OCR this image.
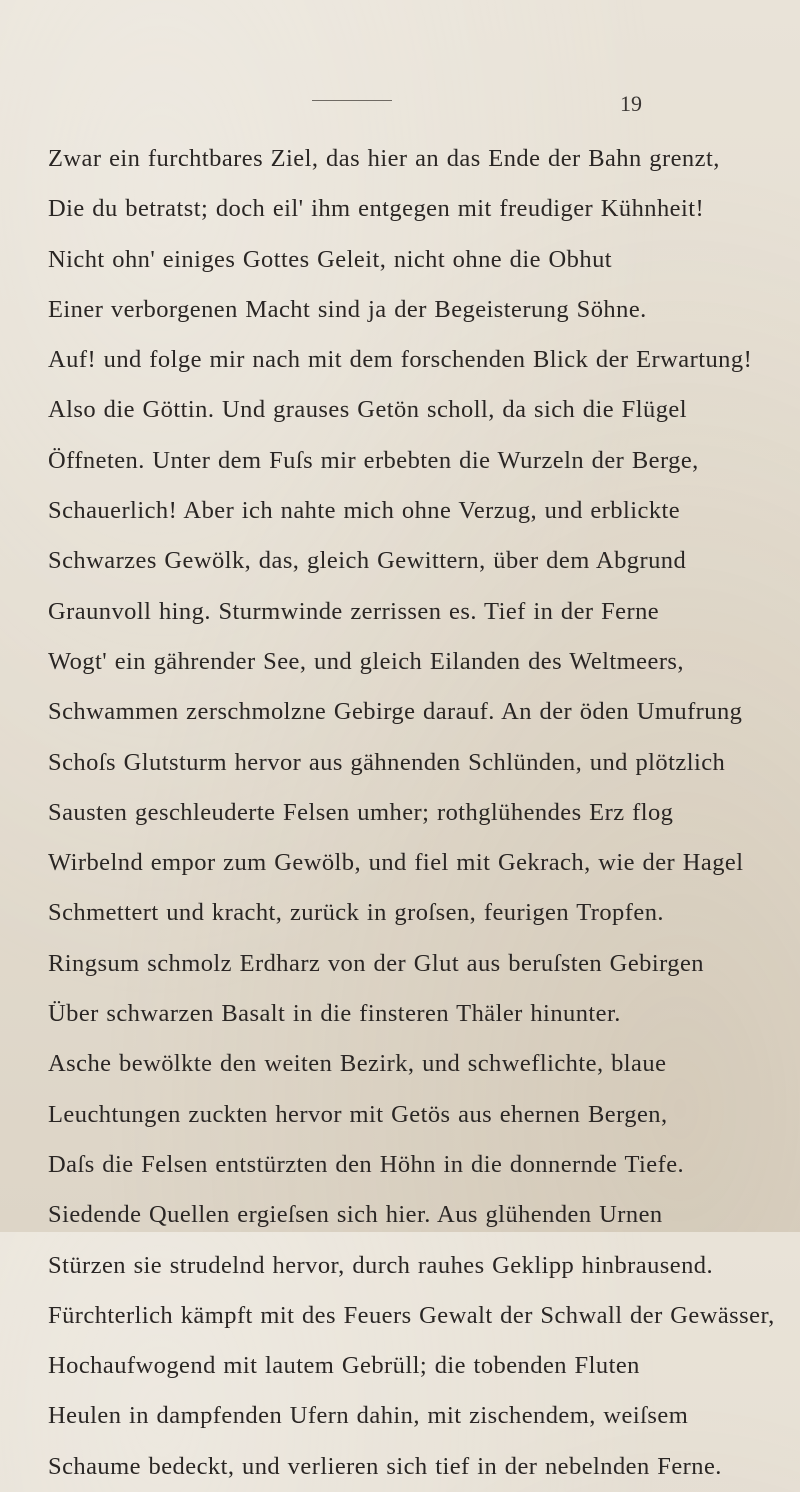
19
Zwar ein furchtbares Ziel, das hier an das Ende der Bahn grenzt,
Die du betratst; doch eil' ihm entgegen mit freudiger Kühnheit!
Nicht ohn' einiges Gottes Geleit, nicht ohne die Obhut
Einer verborgenen Macht sind ja der Begeisterung Söhne.
Auf! und folge mir nach mit dem forschenden Blick der Erwartung!
Also die Göttin. Und grauses Getön scholl, da sich die Flügel
Öffneten. Unter dem Fuſs mir erbebten die Wurzeln der Berge,
Schauerlich! Aber ich nahte mich ohne Verzug, und erblickte
Schwarzes Gewölk, das, gleich Gewittern, über dem Abgrund
Graunvoll hing. Sturmwinde zerrissen es. Tief in der Ferne
Wogt' ein gährender See, und gleich Eilanden des Weltmeers,
Schwammen zerschmolzne Gebirge darauf. An der öden Umufrung
Schoſs Glutsturm hervor aus gähnenden Schlünden, und plötzlich
Sausten geschleuderte Felsen umher; rothglühendes Erz flog
Wirbelnd empor zum Gewölb, und fiel mit Gekrach, wie der Hagel
Schmettert und kracht, zurück in groſsen, feurigen Tropfen.
Ringsum schmolz Erdharz von der Glut aus beruſsten Gebirgen
Über schwarzen Basalt in die finsteren Thäler hinunter.
Asche bewölkte den weiten Bezirk, und schweflichte, blaue
Leuchtungen zuckten hervor mit Getös aus ehernen Bergen,
Daſs die Felsen entstürzten den Höhn in die donnernde Tiefe.
Siedende Quellen ergieſsen sich hier. Aus glühenden Urnen
Stürzen sie strudelnd hervor, durch rauhes Geklipp hinbrausend.
Fürchterlich kämpft mit des Feuers Gewalt der Schwall der Gewässer,
Hochaufwogend mit lautem Gebrüll; die tobenden Fluten
Heulen in dampfenden Ufern dahin, mit zischendem, weiſsem
Schaume bedeckt, und verlieren sich tief in der nebelnden Ferne.
